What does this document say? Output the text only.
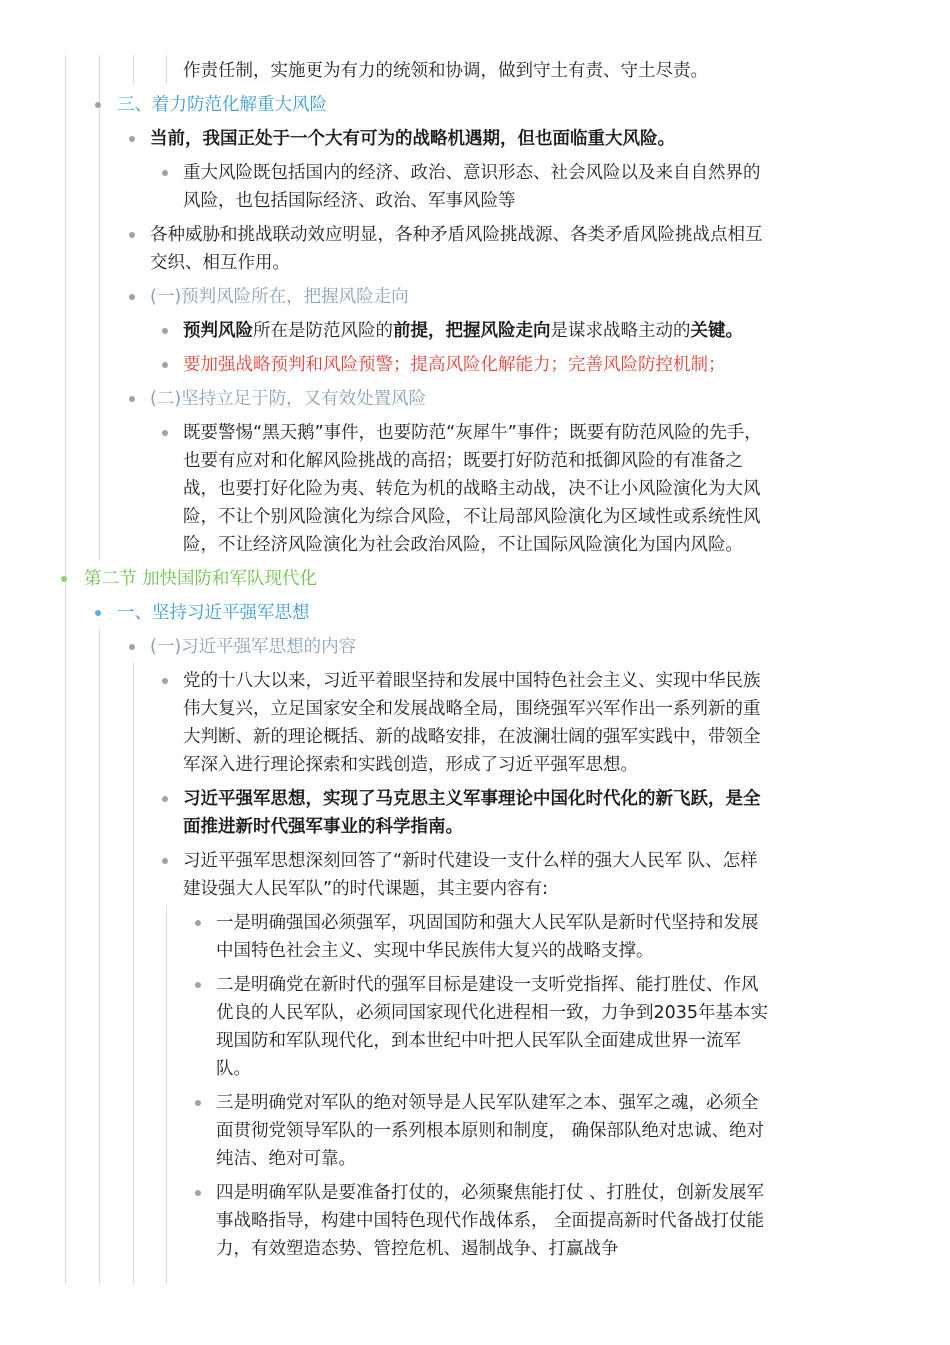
作责任制，实施更为有力的统领和协调，做到守土有责、守土尽责。
三、着力防范化解重大风险
当前，我国正处于一个大有可为的战略机遇期，但也面临重大风险。
重大风险既包括国内的经济、政治、意识形态、社会风险以及来自自然界的
风险，也包括国际经济、政治、军事风险等
各种威胁和挑战联动效应明显，各种矛盾风险挑战源、各类矛盾风险挑战点相互
交织、相互作用。
(一)预判风险所在，把握风险走向
预判风险所在是防范风险的前提，把握风险走向是谋求战略主动的关键。
要加强战略预判和风险预警；提高风险化解能力；完善风险防控机制；
(二)坚持立足于防，又有效处置风险
既要警惕“黑天鹅”事件，也要防范“灰犀牛”事件；既要有防范风险的先手，
也要有应对和化解风险挑战的高招；既要打好防范和抵御风险的有准备之
战，也要打好化险为夷、转危为机的战略主动战，决不让小风险演化为大风
险，不让个别风险演化为综合风险，不让局部风险演化为区域性或系统性风
险，不让经济风险演化为社会政治风险，不让国际风险演化为国内风险。
第二节 加快国防和军队现代化
一、坚持习近平强军思想
(一)习近平强军思想的内容
党的十八大以来，习近平着眼坚持和发展中国特色社会主义、实现中华民族
伟大复兴，立足国家安全和发展战略全局，围绕强军兴军作出一系列新的重
大判断、新的理论概括、新的战略安排，在波澜壮阔的强军实践中，带领全
军深入进行理论探索和实践创造，形成了习近平强军思想。
习近平强军思想，实现了马克思主义军事理论中国化时代化的新飞跃，是全
面推进新时代强军事业的科学指南。
习近平强军思想深刻回答了“新时代建设一支什么样的强大人民军 队、怎样
建设强大人民军队”的时代课题，其主要内容有:
一是明确强国必须强军，巩固国防和强大人民军队是新时代坚持和发展
中国特色社会主义、实现中华民族伟大复兴的战略支撑。
二是明确党在新时代的强军目标是建设一支听党指挥、能打胜仗、作风
优良的人民军队，必须同国家现代化进程相一致，力争到2035年基本实
现国防和军队现代化，到本世纪中叶把人民军队全面建成世界一流军
队。
三是明确党对军队的绝对领导是人民军队建军之本、强军之魂，必须全
面贯彻党领导军队的一系列根本原则和制度， 确保部队绝对忠诚、绝对
纯洁、绝对可靠。
四是明确军队是要准备打仗的，必须聚焦能打仗 、打胜仗，创新发展军
事战略指导，构建中国特色现代作战体系， 全面提高新时代备战打仗能
力，有效塑造态势、管控危机、遏制战争、打赢战争
